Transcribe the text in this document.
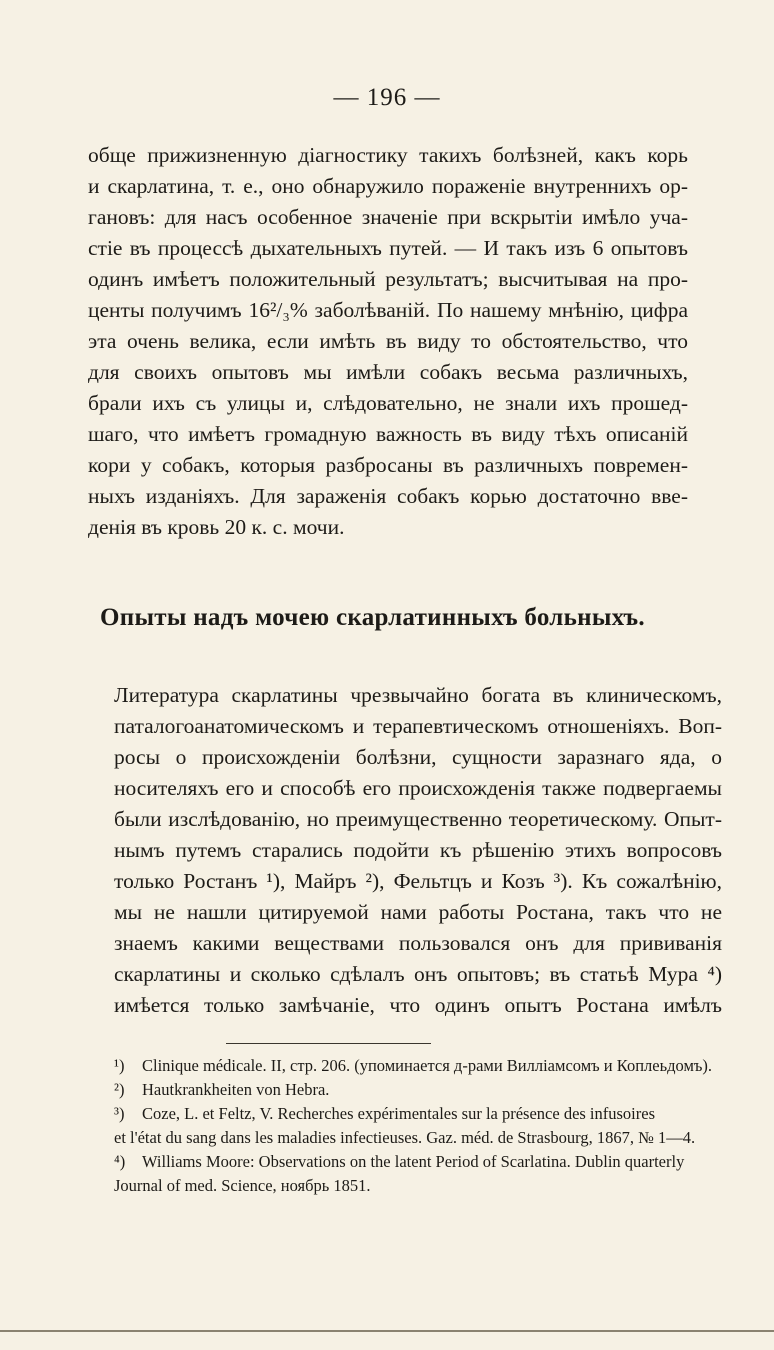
— 196 —
обще прижизненную діагностику такихъ болѣзней, какъ корь
и скарлатина, т. е., оно обнаружило пораженіе внутреннихъ ор-
гановъ: для насъ особенное значеніе при вскрытіи имѣло уча-
стіе въ процессѣ дыхательныхъ путей. — И такъ изъ 6 опытовъ
одинъ имѣетъ положительный результатъ; высчитывая на про-
центы получимъ 16²/₃% заболѣваній. По нашему мнѣнію, цифра
эта очень велика, если имѣть въ виду то обстоятельство, что
для своихъ опытовъ мы имѣли собакъ весьма различныхъ,
брали ихъ съ улицы и, слѣдовательно, не знали ихъ прошед-
шаго, что имѣетъ громадную важность въ виду тѣхъ описаній
кори у собакъ, которыя разбросаны въ различныхъ повремен-
ныхъ изданіяхъ. Для зараженія собакъ корью достаточно вве-
денія въ кровь 20 к. с. мочи.
Опыты надъ мочею скарлатинныхъ больныхъ.
Литература скарлатины чрезвычайно богата въ клиническомъ,
паталогоанатомическомъ и терапевтическомъ отношеніяхъ. Воп-
росы о происхожденіи болѣзни, сущности заразнаго яда, о
носителяхъ его и способѣ его происхожденія также подвергаемы
были изслѣдованію, но преимущественно теоретическому. Опыт-
нымъ путемъ старались подойти къ рѣшенію этихъ вопросовъ
только Ростанъ ¹), Майръ ²), Фельтцъ и Козъ ³). Къ сожалѣнію,
мы не нашли цитируемой нами работы Ростана, такъ что не
знаемъ какими веществами пользовался онъ для прививанія
скарлатины и сколько сдѣлалъ онъ опытовъ; въ статьѣ Мура ⁴)
имѣется только замѣчаніе, что одинъ опытъ Ростана имѣлъ
¹) Clinique médicale. II, стр. 206. (упоминается д-рами Вилліамсомъ и Коплеьдомъ).
²) Hautkrankheiten von Hebra.
³) Coze, L. et Feltz, V. Recherches expérimentales sur la présence des infusoires
et l'état du sang dans les maladies infectieuses. Gaz. méd. de Strasbourg, 1867, № 1—4.
⁴) Williams Moore: Observations on the latent Period of Scarlatina. Dublin quarterly
Journal of med. Science, ноябрь 1851.
